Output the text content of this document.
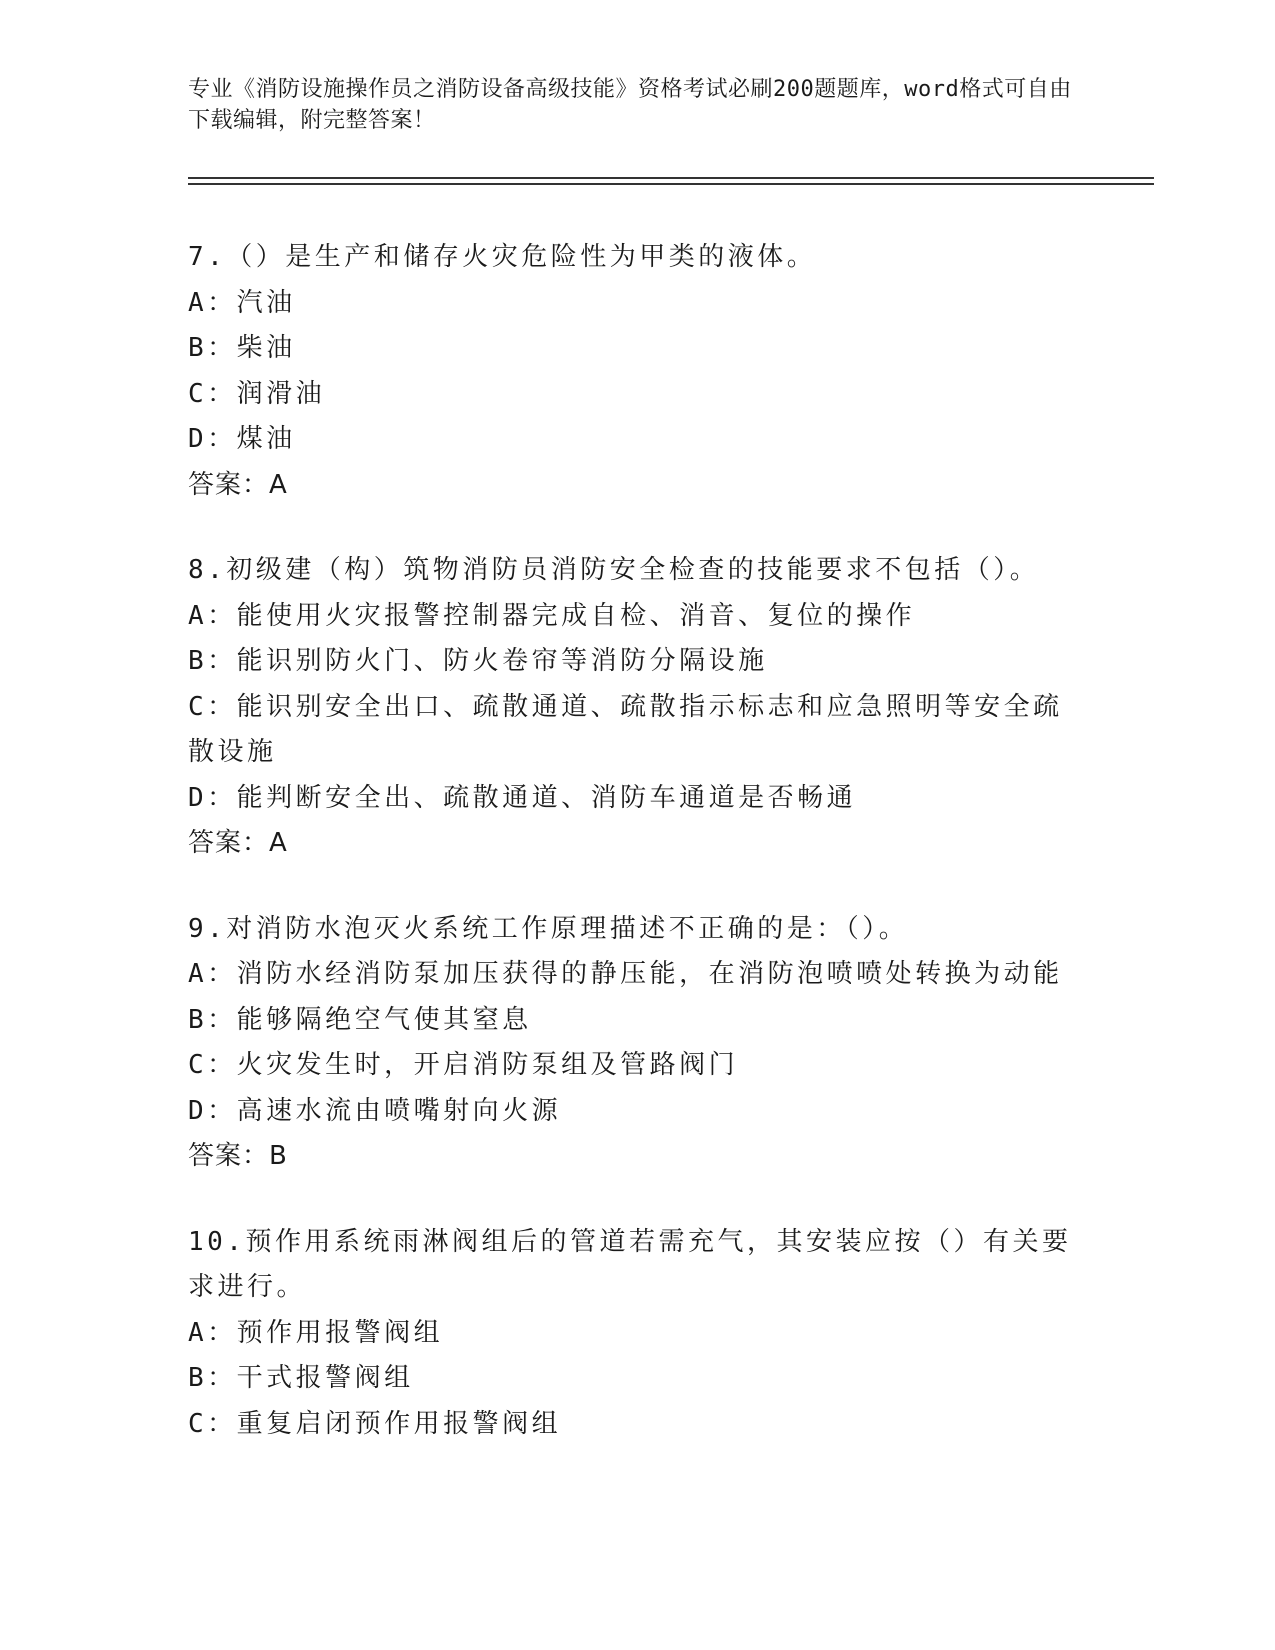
专业《消防设施操作员之消防设备高级技能》资格考试必刷200题题库，word格式可自由下载编辑，附完整答案！
7.（）是生产和储存火灾危险性为甲类的液体。
A：汽油
B：柴油
C：润滑油
D：煤油
答案：A
8.初级建（构）筑物消防员消防安全检查的技能要求不包括（）。
A：能使用火灾报警控制器完成自检、消音、复位的操作
B：能识别防火门、防火卷帘等消防分隔设施
C：能识别安全出口、疏散通道、疏散指示标志和应急照明等安全疏散设施
D：能判断安全出、疏散通道、消防车通道是否畅通
答案：A
9.对消防水泡灭火系统工作原理描述不正确的是：（）。
A：消防水经消防泵加压获得的静压能，在消防泡喷喷处转换为动能
B：能够隔绝空气使其窒息
C：火灾发生时，开启消防泵组及管路阀门
D：高速水流由喷嘴射向火源
答案：B
10.预作用系统雨淋阀组后的管道若需充气，其安装应按（）有关要求进行。
A：预作用报警阀组
B：干式报警阀组
C：重复启闭预作用报警阀组
